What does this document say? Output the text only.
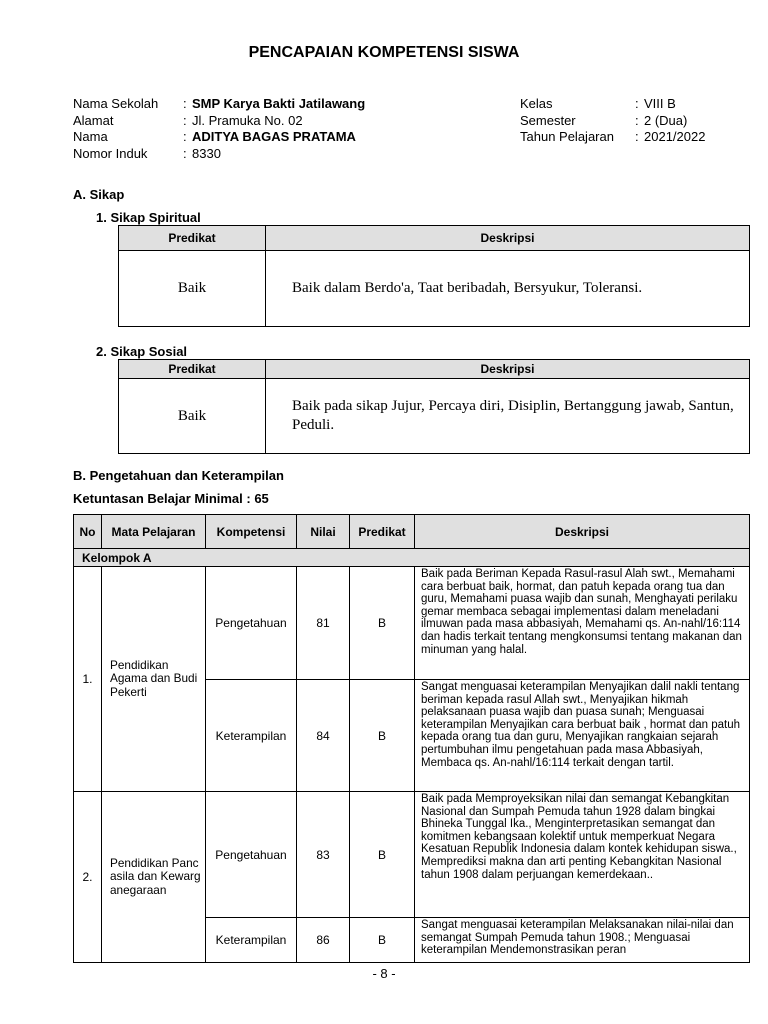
PENCAPAIAN KOMPETENSI SISWA
Nama Sekolah	: SMP Karya Bakti Jatilawang
Alamat	: Jl. Pramuka No. 02
Nama	: ADITYA BAGAS PRATAMA
Nomor Induk	: 8330
Kelas	: VIII B
Semester	: 2 (Dua)
Tahun Pelajaran	: 2021/2022
A. Sikap
1. Sikap Spiritual
Predikat	Deskripsi
Baik	Baik dalam Berdo'a, Taat beribadah, Bersyukur, Toleransi.
2. Sikap Sosial
Predikat	Deskripsi
Baik	Baik pada sikap Jujur, Percaya diri, Disiplin, Bertanggung jawab, Santun, Peduli.
B. Pengetahuan dan Keterampilan
Ketuntasan Belajar Minimal : 65
No	Mata Pelajaran	Kompetensi	Nilai	Predikat	Deskripsi
Kelompok A					
1.	Pendidikan Agama dan Budi Pekerti	Pengetahuan	81	B	Baik pada Beriman Kepada Rasul-rasul Alah swt., Memahami cara berbuat baik, hormat, dan patuh kepada orang tua dan guru, Memahami puasa wajib dan sunah, Menghayati perilaku gemar membaca sebagai implementasi dalam meneladani ilmuwan pada masa abbasiyah, Memahami qs. An-nahl/16:114 dan hadis terkait tentang mengkonsumsi tentang makanan dan minuman yang halal.
		Keterampilan	84	B	Sangat menguasai keterampilan Menyajikan dalil nakli tentang beriman kepada rasul Allah swt., Menyajikan hikmah pelaksanaan puasa wajib dan puasa sunah; Menguasai keterampilan Menyajikan cara berbuat baik , hormat dan patuh kepada orang tua dan guru, Menyajikan rangkaian sejarah pertumbuhan ilmu pengetahuan pada masa Abbasiyah, Membaca qs. An-nahl/16:114 terkait dengan tartil.
2.	Pendidikan Pancasila dan Kewarganegaraan	Pengetahuan	83	B	Baik pada Memproyeksikan nilai dan semangat Kebangkitan Nasional dan Sumpah Pemuda tahun 1928 dalam bingkai Bhineka Tunggal Ika., Menginterpretasikan semangat dan komitmen kebangsaan kolektif untuk memperkuat Negara Kesatuan Republik Indonesia dalam kontek kehidupan siswa., Memprediksi makna dan arti penting Kebangkitan Nasional tahun 1908 dalam perjuangan kemerdekaan..
		Keterampilan	86	B	Sangat menguasai keterampilan Melaksanakan nilai-nilai dan semangat Sumpah Pemuda tahun 1908.; Menguasai keterampilan Mendemonstrasikan peran
- 8 -
